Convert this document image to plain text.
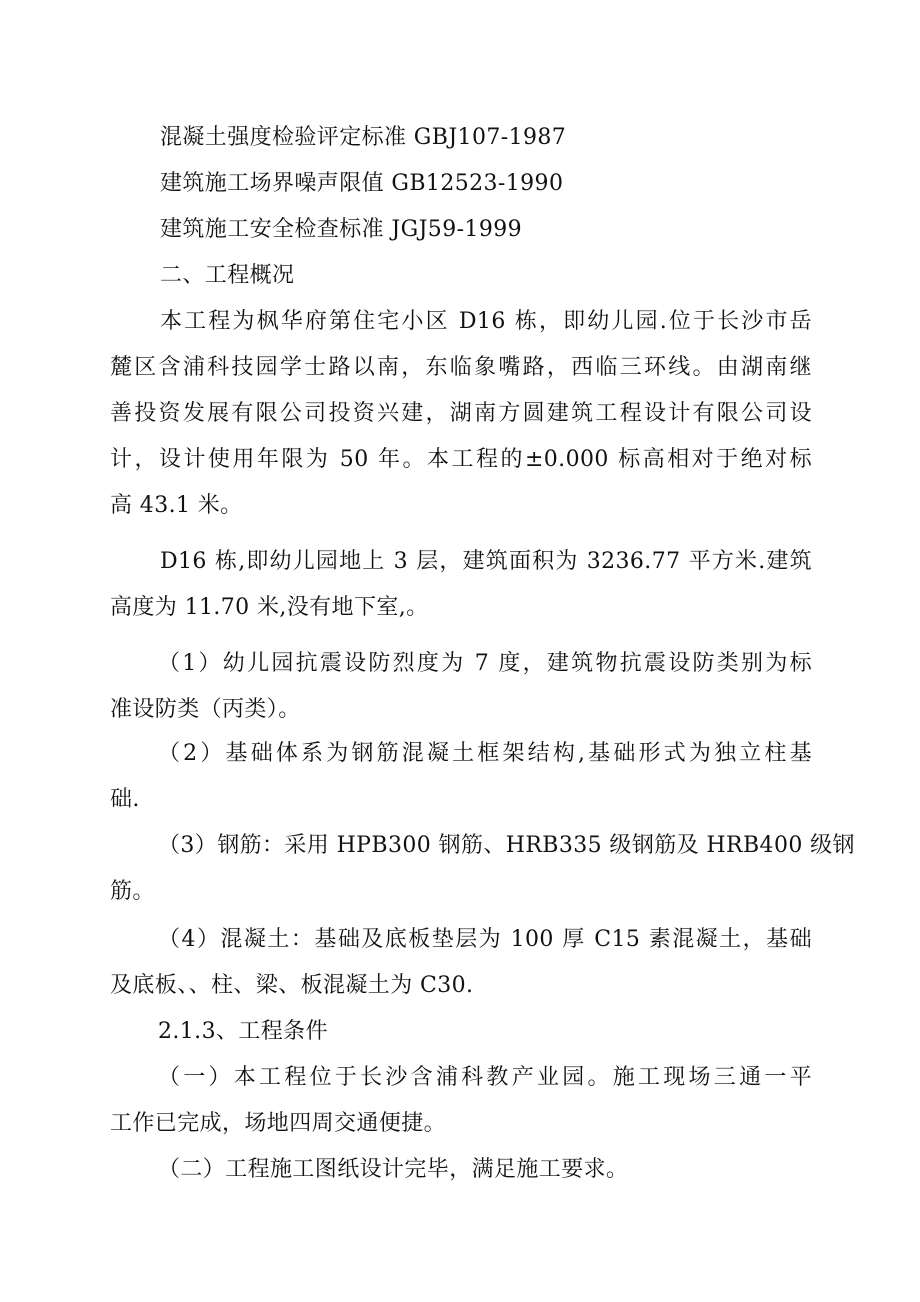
混凝土强度检验评定标准 GBJ107-1987
建筑施工场界噪声限值 GB12523-1990
建筑施工安全检查标准 JGJ59-1999
二、工程概况
本工程为枫华府第住宅小区 D16 栋，即幼儿园.位于长沙市岳
麓区含浦科技园学士路以南，东临象嘴路，西临三环线。由湖南继
善投资发展有限公司投资兴建，湖南方圆建筑工程设计有限公司设
计，设计使用年限为 50 年。本工程的±0.000 标高相对于绝对标
高 43.1 米。
D16 栋,即幼儿园地上 3 层，建筑面积为 3236.77 平方米.建筑
高度为 11.70 米,没有地下室,。
（1）幼儿园抗震设防烈度为 7 度，建筑物抗震设防类别为标
准设防类（丙类）。
（2）基础体系为钢筋混凝土框架结构,基础形式为独立柱基
础.
（3）钢筋：采用 HPB300 钢筋、HRB335 级钢筋及 HRB400 级钢
筋。
（4）混凝土：基础及底板垫层为 100 厚 C15 素混凝土，基础
及底板、、柱、梁、板混凝土为 C30.
2.1.3、工程条件
（一）本工程位于长沙含浦科教产业园。施工现场三通一平
工作已完成，场地四周交通便捷。
（二）工程施工图纸设计完毕，满足施工要求。
